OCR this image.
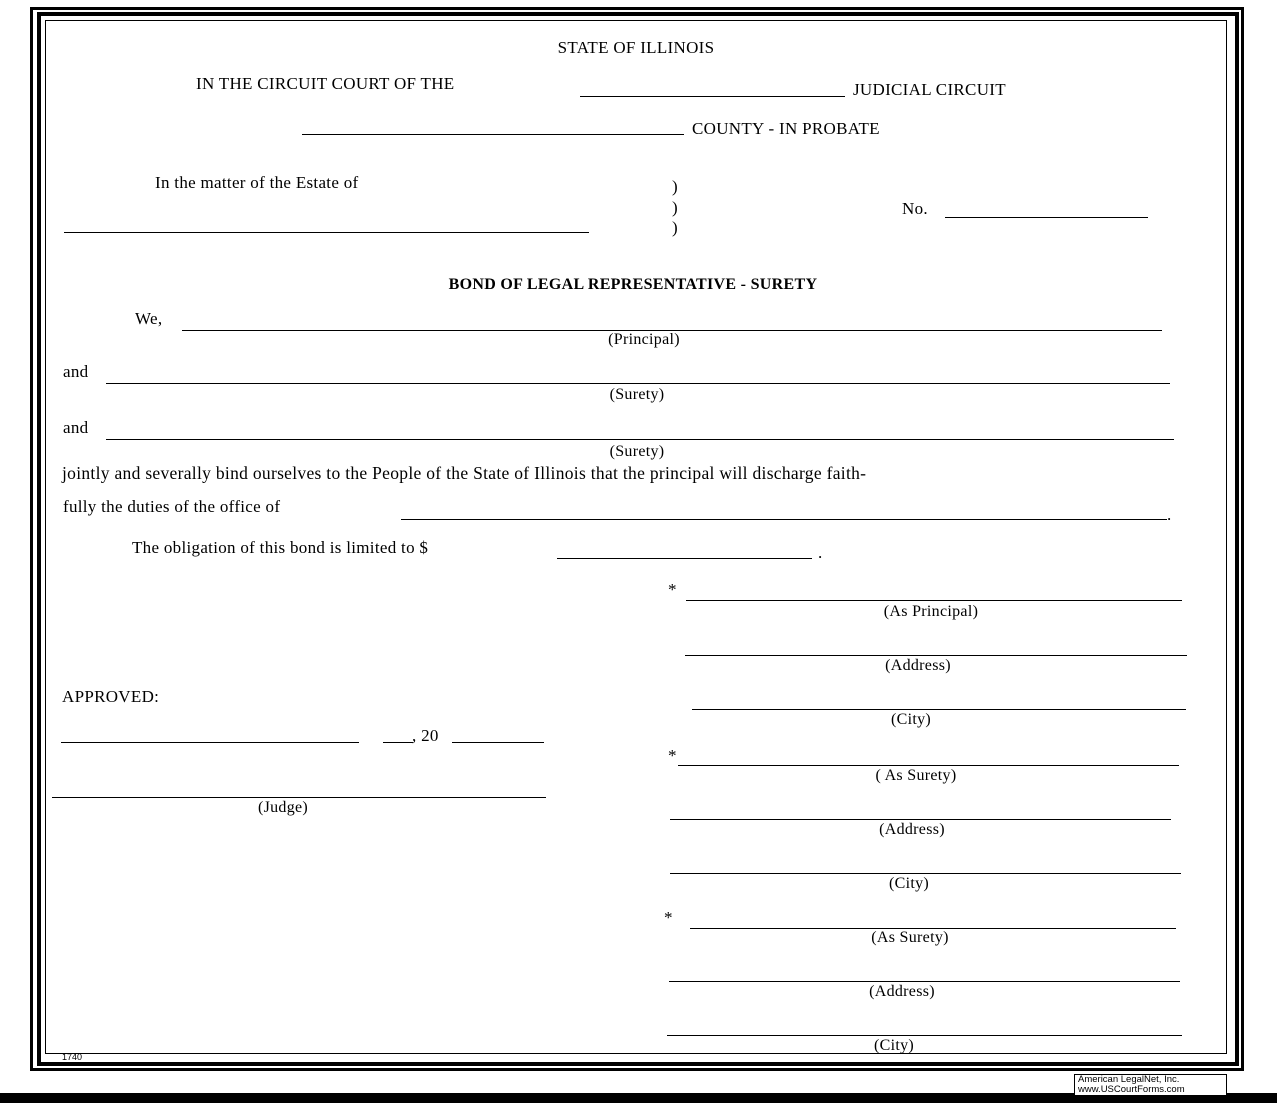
STATE OF ILLINOIS
IN THE CIRCUIT COURT OF THE	JUDICIAL CIRCUIT
COUNTY - IN PROBATE
In the matter of the Estate of	)
)
)
No.
BOND OF LEGAL REPRESENTATIVE - SURETY
We,
(Principal)
and
(Surety)
and
(Surety)
jointly and severally bind ourselves to the People of the State of Illinois that the principal will discharge faith-
fully the duties of the office of	.
The obligation of this bond is limited to $	.
APPROVED:
, 20
(Judge)
*
(As Principal)
(Address)
(City)
*
( As Surety)
(Address)
(City)
*
(As Surety)
(Address)
(City)
1740
American LegalNet, Inc.
www.USCourtForms.com
